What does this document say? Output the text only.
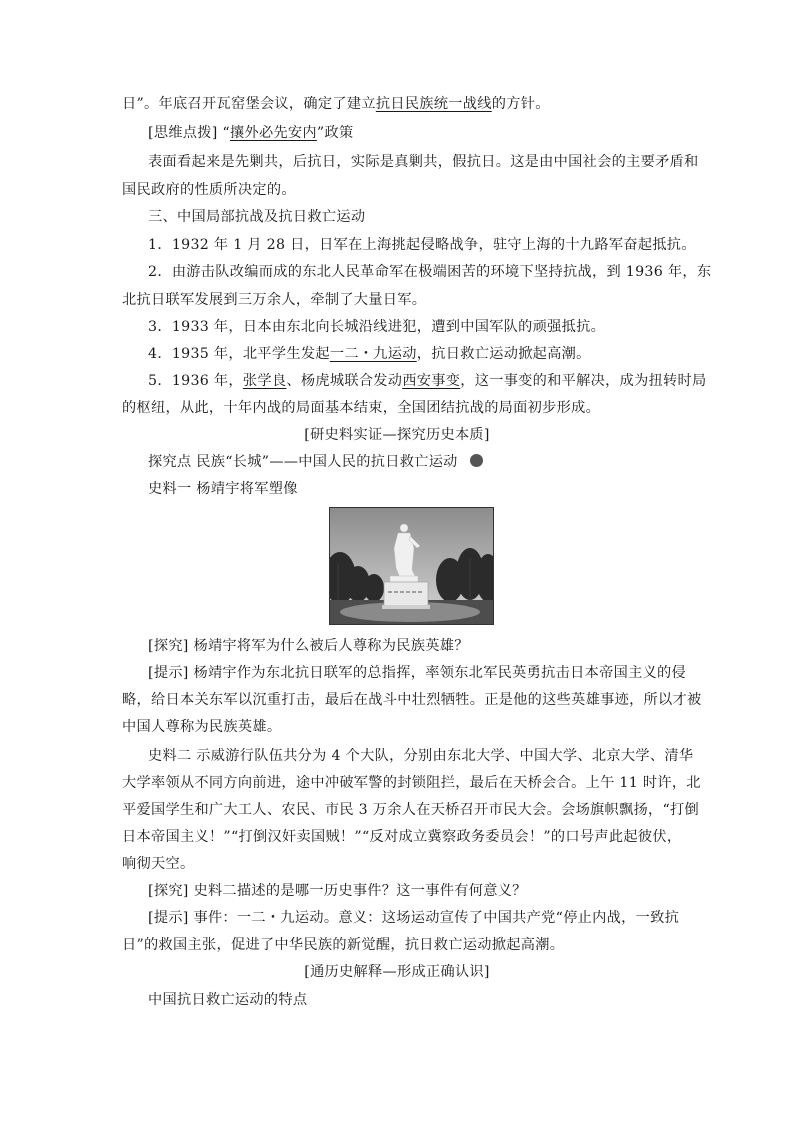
日”。年底召开瓦窑堡会议，确定了建立抗日民族统一战线的方针。
[思维点拨] “攘外必先安内”政策
表面看起来是先剿共，后抗日，实际是真剿共，假抗日。这是由中国社会的主要矛盾和
国民政府的性质所决定的。
三、中国局部抗战及抗日救亡运动
1．1932 年 1 月 28 日，日军在上海挑起侵略战争，驻守上海的十九路军奋起抵抗。
2．由游击队改编而成的东北人民革命军在极端困苦的环境下坚持抗战，到 1936 年，东
北抗日联军发展到三万余人，牵制了大量日军。
3．1933 年，日本由东北向长城沿线进犯，遭到中国军队的顽强抵抗。
4．1935 年，北平学生发起一二・九运动，抗日救亡运动掀起高潮。
5．1936 年，张学良、杨虎城联合发动西安事变，这一事变的和平解决，成为扭转时局
的枢纽，从此，十年内战的局面基本结束，全国团结抗战的局面初步形成。
[研史料实证—探究历史本质]
探究点 民族“长城”——中国人民的抗日救亡运动
史料一 杨靖宇将军塑像
[探究] 杨靖宇将军为什么被后人尊称为民族英雄？
[提示] 杨靖宇作为东北抗日联军的总指挥，率领东北军民英勇抗击日本帝国主义的侵
略，给日本关东军以沉重打击，最后在战斗中壮烈牺牲。正是他的这些英雄事迹，所以才被
中国人尊称为民族英雄。
史料二 示威游行队伍共分为 4 个大队，分别由东北大学、中国大学、北京大学、清华
大学率领从不同方向前进，途中冲破军警的封锁阻拦，最后在天桥会合。上午 11 时许，北
平爱国学生和广大工人、农民、市民 3 万余人在天桥召开市民大会。会场旗帜飘扬，“打倒
日本帝国主义！”“打倒汉奸卖国贼！”“反对成立冀察政务委员会！”的口号声此起彼伏，
响彻天空。
[探究] 史料二描述的是哪一历史事件？这一事件有何意义？
[提示] 事件：一二・九运动。意义：这场运动宣传了中国共产党“停止内战，一致抗
日”的救国主张，促进了中华民族的新觉醒，抗日救亡运动掀起高潮。
[通历史解释—形成正确认识]
中国抗日救亡运动的特点
